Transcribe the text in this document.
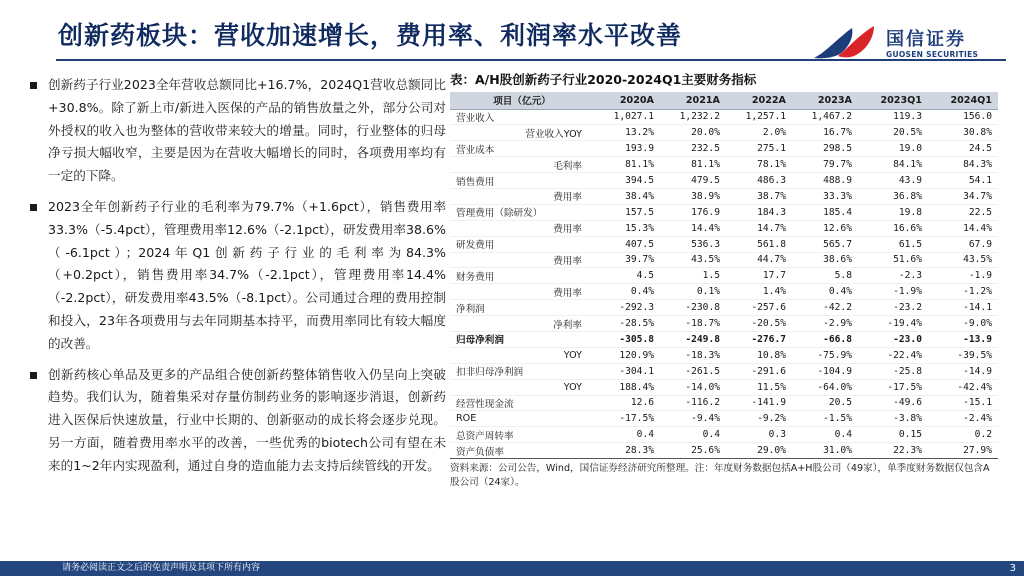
创新药板块：营收加速增长，费用率、利润率水平改善	国信证券
GUOSEN SECURITIES
创新药子行业2023全年营收总额同比+16.7%，2024Q1营收总额同比+30.8%。除了新上市/新进入医保的产品的销售放量之外，部分公司对外授权的收入也为整体的营收带来较大的增量。同时，行业整体的归母净亏损大幅收窄，主要是因为在营收大幅增长的同时，各项费用率均有一定的下降。
2023全年创新药子行业的毛利率为79.7%（+1.6pct），销售费用率33.3%（-5.4pct），管理费用率12.6%（-2.1pct），研发费用率38.6%（-6.1pct）；2024年Q1创新药子行业的毛利率为84.3%（+0.2pct），销售费用率34.7%（-2.1pct），管理费用率14.4%（-2.2pct），研发费用率43.5%（-8.1pct）。公司通过合理的费用控制和投入，23年各项费用与去年同期基本持平，而费用率同比有较大幅度的改善。
创新药核心单品及更多的产品组合使创新药整体销售收入仍呈向上突破趋势。我们认为，随着集采对存量仿制药业务的影响逐步消退，创新药进入医保后快速放量，行业中长期的、创新驱动的成长将会逐步兑现。另一方面，随着费用率水平的改善，一些优秀的biotech公司有望在未来的1~2年内实现盈利，通过自身的造血能力去支持后续管线的开发。
表：A/H股创新药子行业2020-2024Q1主要财务指标
项目（亿元）	2020A	2021A	2022A	2023A	2023Q1	2024Q1
营业收入	1,027.1	1,232.2	1,257.1	1,467.2	119.3	156.0
营业收入YOY	13.2%	20.0%	2.0%	16.7%	20.5%	30.8%
营业成本	193.9	232.5	275.1	298.5	19.0	24.5
毛利率	81.1%	81.1%	78.1%	79.7%	84.1%	84.3%
销售费用	394.5	479.5	486.3	488.9	43.9	54.1
费用率	38.4%	38.9%	38.7%	33.3%	36.8%	34.7%
管理费用（除研发）	157.5	176.9	184.3	185.4	19.8	22.5
费用率	15.3%	14.4%	14.7%	12.6%	16.6%	14.4%
研发费用	407.5	536.3	561.8	565.7	61.5	67.9
费用率	39.7%	43.5%	44.7%	38.6%	51.6%	43.5%
财务费用	4.5	1.5	17.7	5.8	-2.3	-1.9
费用率	0.4%	0.1%	1.4%	0.4%	-1.9%	-1.2%
净利润	-292.3	-230.8	-257.6	-42.2	-23.2	-14.1
净利率	-28.5%	-18.7%	-20.5%	-2.9%	-19.4%	-9.0%
归母净利润	-305.8	-249.8	-276.7	-66.8	-23.0	-13.9
YOY	120.9%	-18.3%	10.8%	-75.9%	-22.4%	-39.5%
扣非归母净利润	-304.1	-261.5	-291.6	-104.9	-25.8	-14.9
YOY	188.4%	-14.0%	11.5%	-64.0%	-17.5%	-42.4%
经营性现金流	12.6	-116.2	-141.9	20.5	-49.6	-15.1
ROE	-17.5%	-9.4%	-9.2%	-1.5%	-3.8%	-2.4%
总资产周转率	0.4	0.4	0.3	0.4	0.15	0.2
资产负债率	28.3%	25.6%	29.0%	31.0%	22.3%	27.9%
资料来源：公司公告，Wind，国信证券经济研究所整理。注：年度财务数据包括A+H股公司（49家），单季度财务数据仅包含A股公司（24家）。
请务必阅读正文之后的免责声明及其项下所有内容	3
